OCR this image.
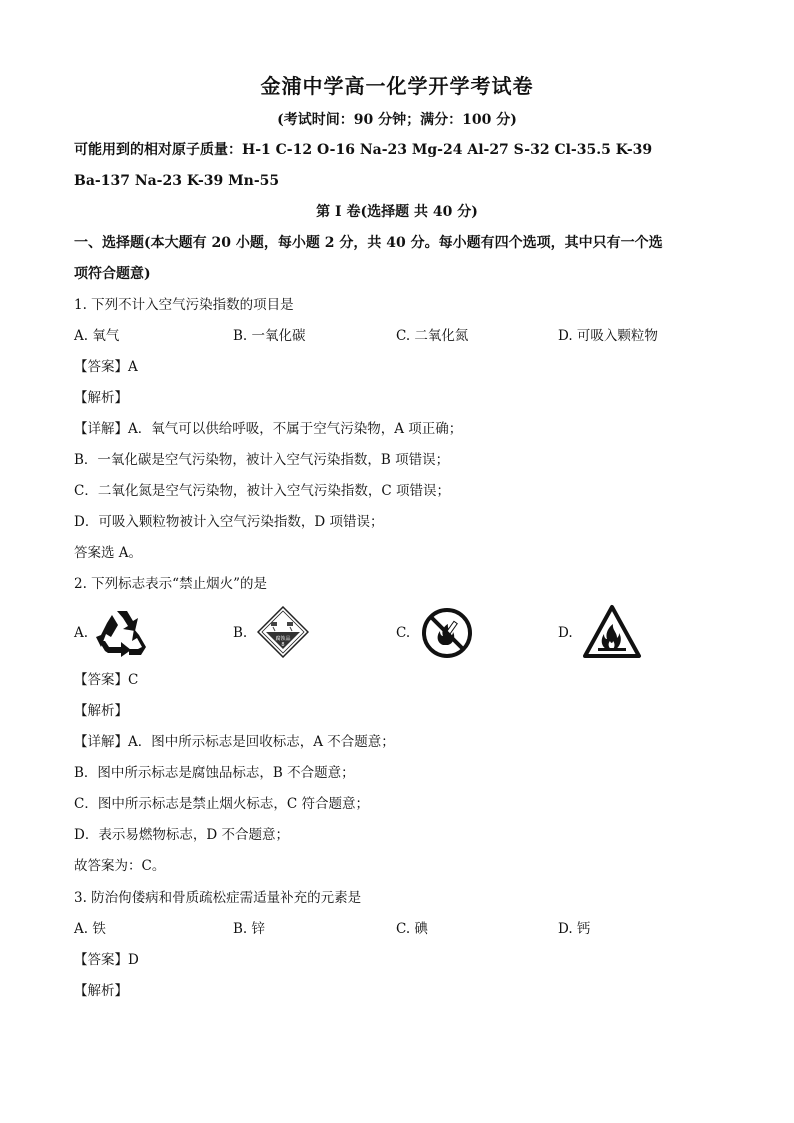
金浦中学高一化学开学考试卷
(考试时间：90 分钟；满分：100 分)
可能用到的相对原子质量：H-1 C-12 O-16 Na-23 Mg-24 Al-27 S-32 Cl-35.5 K-39
Ba-137 Na-23 K-39 Mn-55
第 I 卷(选择题 共 40 分)
一、选择题(本大题有 20 小题，每小题 2 分，共 40 分。每小题有四个选项，其中只有一个选
项符合题意)
1. 下列不计入空气污染指数的项目是
A. 氧气	B. 一氧化碳	C. 二氧化氮	D. 可吸入颗粒物
【答案】A
【解析】
【详解】A．氧气可以供给呼吸，不属于空气污染物，A 项正确；
B．一氧化碳是空气污染物，被计入空气污染指数，B 项错误；
C．二氧化氮是空气污染物，被计入空气污染指数，C 项错误；
D．可吸入颗粒物被计入空气污染指数，D 项错误；
答案选 A。
2. 下列标志表示“禁止烟火”的是
A.	B.	腐蚀品
8
C.	D.
【答案】C
【解析】
【详解】A．图中所示标志是回收标志，A 不合题意；
B．图中所示标志是腐蚀品标志，B 不合题意；
C．图中所示标志是禁止烟火标志，C 符合题意；
D．表示易燃物标志，D 不合题意；
故答案为：C。
3. 防治佝偻病和骨质疏松症需适量补充的元素是
A. 铁	B. 锌	C. 碘	D. 钙
【答案】D
【解析】
